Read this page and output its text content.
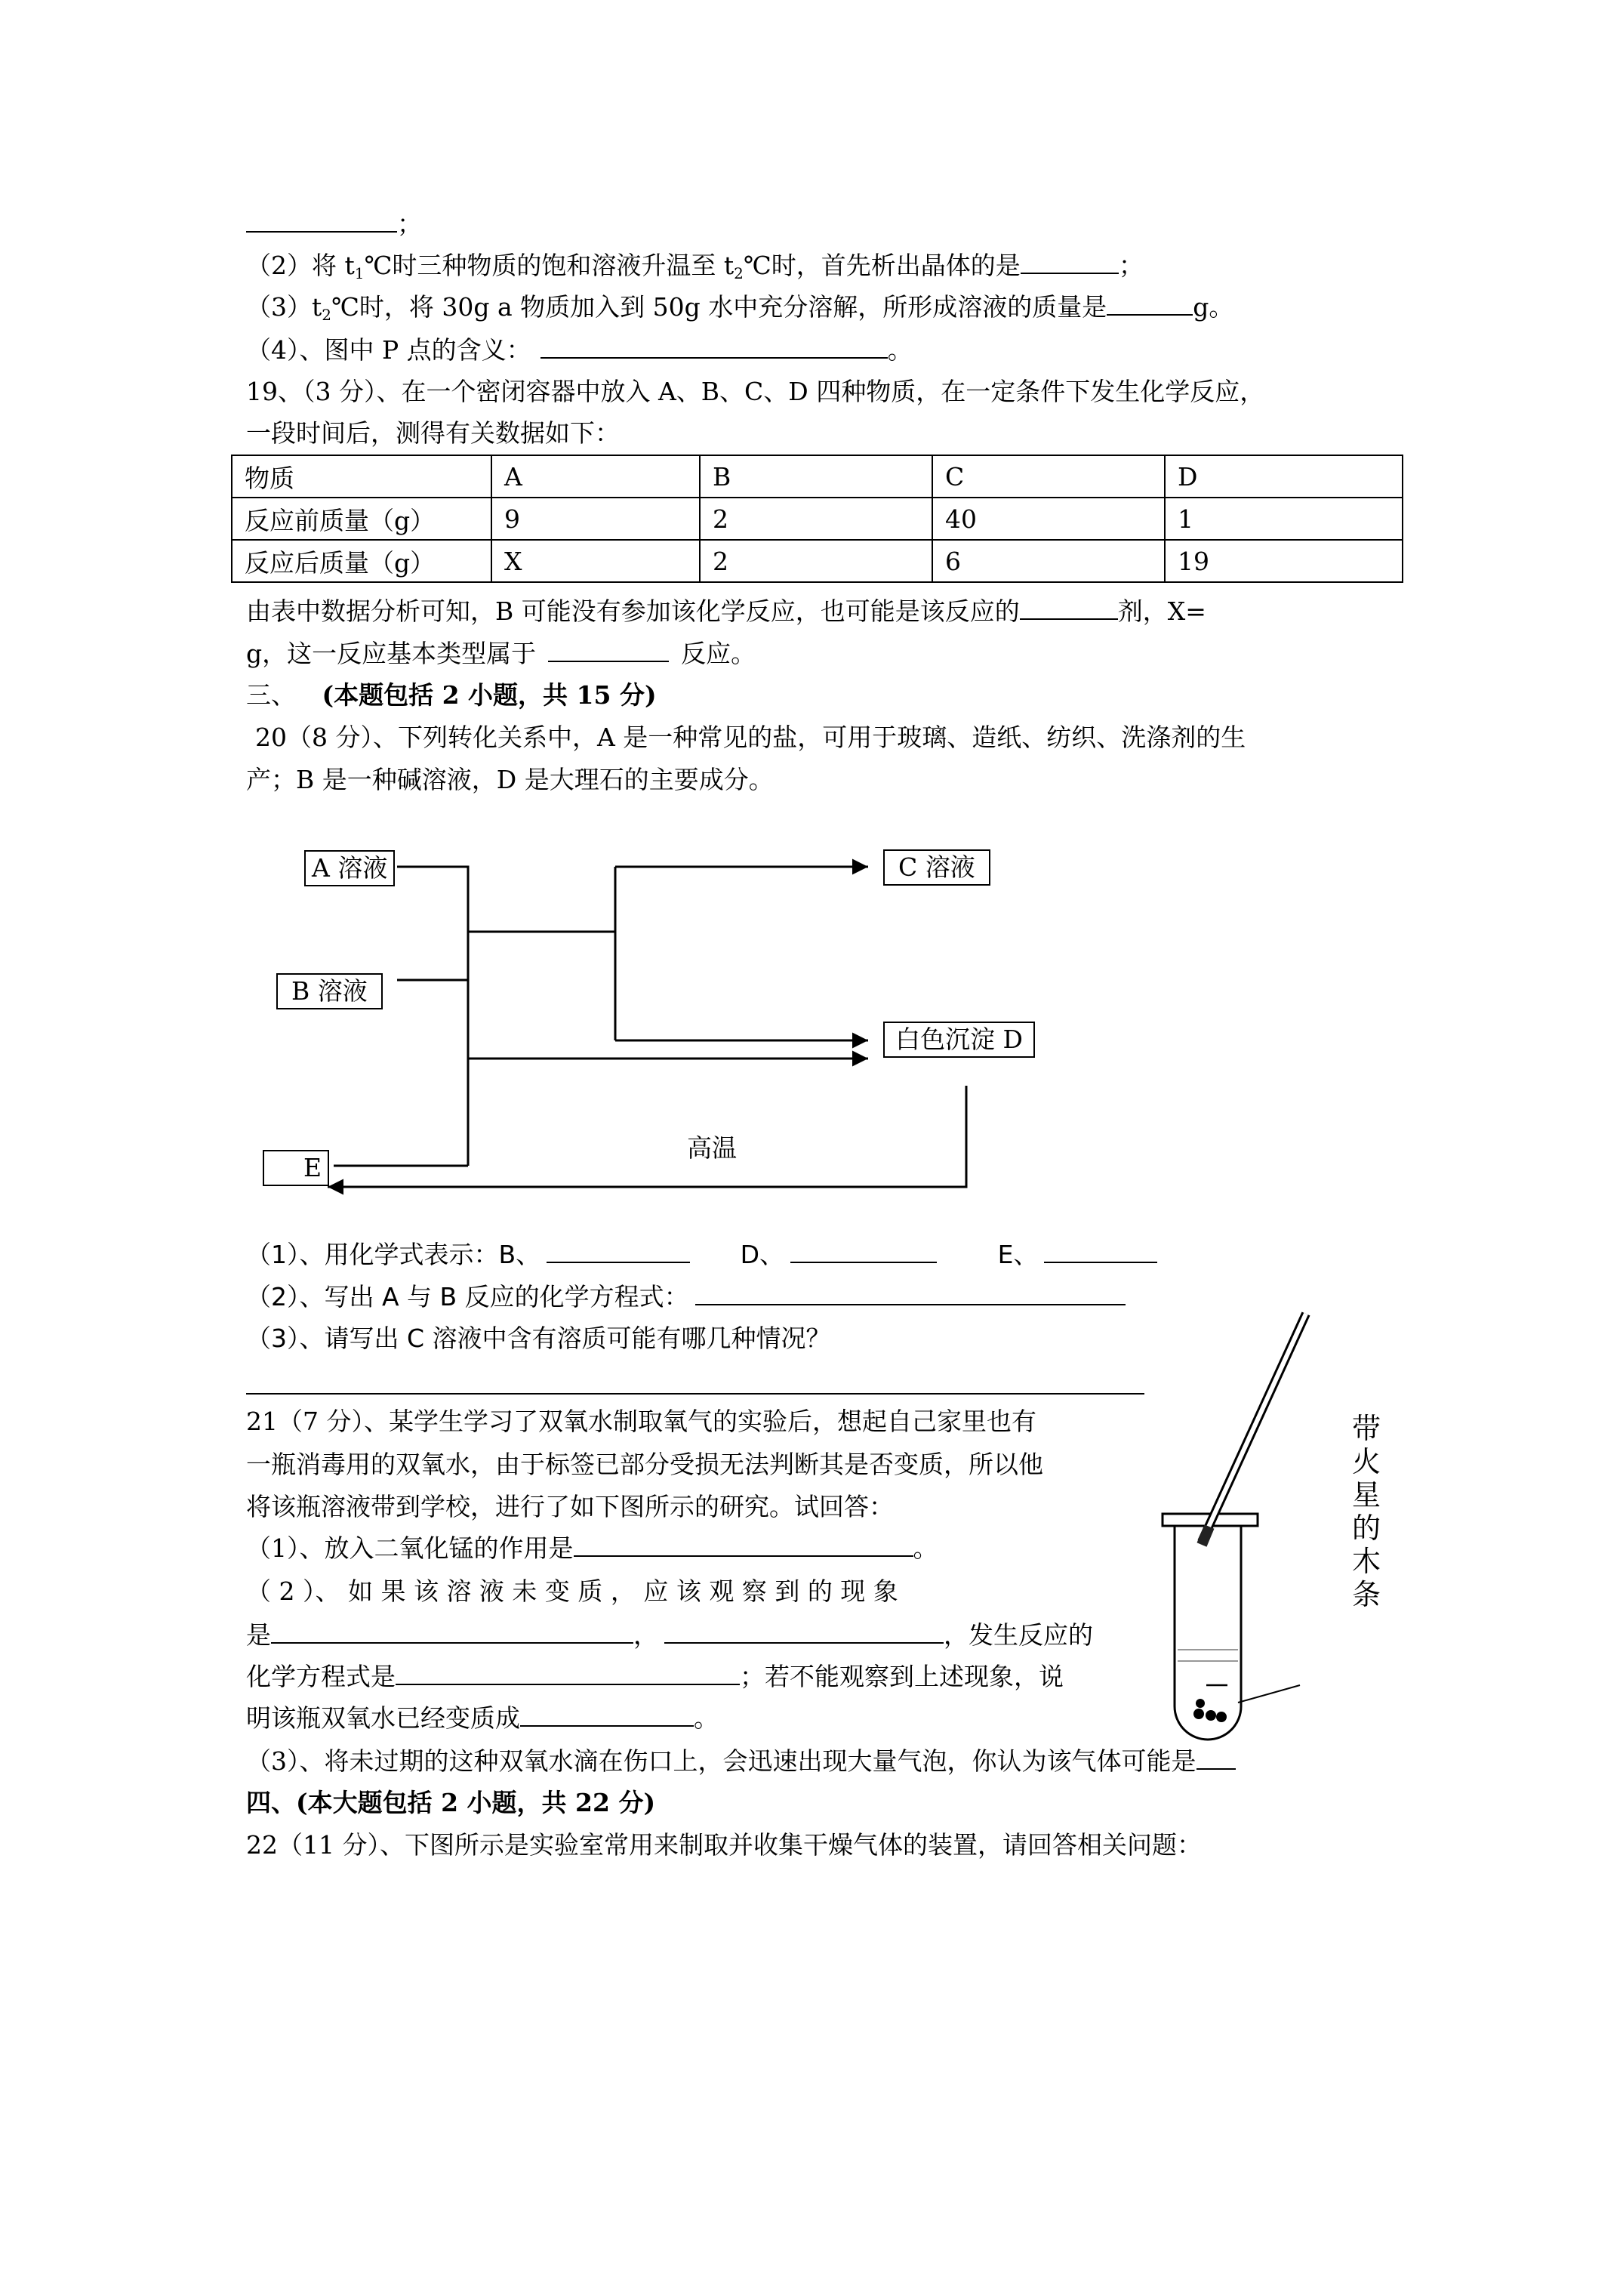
；
（2）将 $t_1℃$时三种物质的饱和溶液升温至 $t_2℃$时，首先析出晶体的是	；
$(3)t_2℃$时，将 30g a 物质加入到 50g 水中充分溶解，所形成溶液的质量是	g。
（4）、图中 P 点的含义：	。
19、（3 分）、在一个密闭容器中放入 A、B、C、D 四种物质，在一定条件下发生化学反应，
一段时间后，测得有关数据如下：
物质	A	B	C	D
反应前质量（g）	9	2	40	1
反应后质量（g）	X	2	6	19
由表中数据分析可知，B 可能没有参加该化学反应，也可能是该反应的	剂，X=
g，这一反应基本类型属于	反应。
三、 (本题包括 2 小题，共 15 分)
20（8 分）、下列转化关系中，A 是一种常见的盐，可用于玻璃、造纸、纺织、洗涤剂的生
产；B 是一种碱溶液，D 是大理石的主要成分。
A 溶液
B 溶液
C 溶液
白色沉淀 D
E
高温
（1）、用化学式表示：B、	D、	E、
（2）、写出 A 与 B 反应的化学方程式：
（3）、请写出 C 溶液中含有溶质可能有哪几种情况？
21（7 分）、某学生学习了双氧水制取氧气的实验后，想起自己家里也有
一瓶消毒用的双氧水，由于标签已部分受损无法判断其是否变质，所以他
将该瓶溶液带到学校，进行了如下图所示的研究。试回答：
（1）、放入二氧化锰的作用是	。
（ 2 ）、 如 果 该 溶 液 未 变 质 ， 应 该 观 察 到 的 现 象
是	，	，发生反应的
化学方程式是	；若不能观察到上述现象，说
明该瓶双氧水已经变质成	。
（3）、将未过期的这种双氧水滴在伤口上，会迅速出现大量气泡，你认为该气体可能是
带
火
星
的
木
条
四、(本大题包括 2 小题，共 22 分)
22（11 分）、下图所示是实验室常用来制取并收集干燥气体的装置，请回答相关问题：
